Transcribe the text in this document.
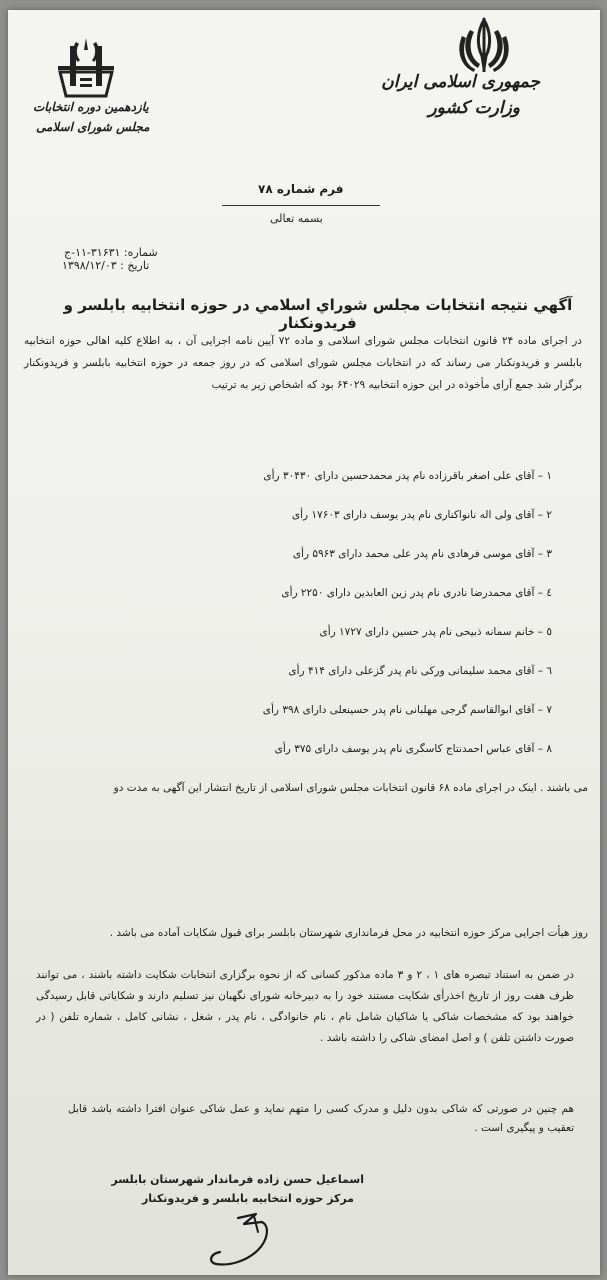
جمهوری اسلامی ایران
وزارت کشور
یازدهمین دوره انتخابات
مجلس شورای اسلامی
فرم شماره ۷۸
بسمه تعالی
شماره: ۳۱۶۳۱-۱۱-ج
تاریخ : ۱۳۹۸/۱۲/۰۳
آگهي نتيجه انتخابات مجلس شوراي اسلامي در حوزه انتخابيه بابلسر و فريدونكنار
در اجرای ماده ۲۴ قانون انتخابات مجلس شورای اسلامی و ماده ۷۲ آیین نامه اجرایی آن ، به اطلاع کلیه اهالی حوزه انتخابیه بابلسر و فریدونکنار می رساند که در انتخابات مجلس شورای اسلامی که در روز جمعه در حوزه انتخابیه بابلسر و فریدونکنار برگزار شد جمع آرای مأخوذه در این حوزه انتخابیه ۶۴۰۲۹ بود که اشخاص زیر به ترتیب
۱ – آقای علی اصغر باقرزاده نام پدر محمدحسین دارای ۳۰۴۳۰ رأی
۲ – آقای ولی اله نانواکناری نام پدر یوسف دارای ۱۷۶۰۳ رأی
۳ – آقای موسی فرهادی نام پدر علی محمد دارای ۵۹۶۳ رأی
٤ – آقای محمدرضا نادری نام پدر زین العابدین دارای ۲۲۵۰ رأی
٥ – خانم سمانه ذبیحی نام پدر حسین دارای ۱۷۲۷ رأی
٦ – آقای محمد سلیمانی ورکی نام پدر گزعلی دارای ۴۱۴ رأی
۷ – آقای ابوالقاسم گرجی مهلبانی نام پدر حسینعلی دارای ۳۹۸ رأی
۸ – آقای عباس احمدنتاج کاسگری نام پدر یوسف دارای ۳۷۵ رأی
می باشند . اینک در اجرای ماده ۶۸ قانون انتخابات مجلس شورای اسلامی از تاریخ انتشار این آگهی به مدت دو
روز هیأت اجرایی مرکز حوزه انتخابیه در محل فرمانداری شهرستان بابلسر برای قبول شکایات آماده می باشد .
در ضمن به استناد تبصره های ۱ ، ۲ و ۳ ماده مذکور کسانی که از نحوه برگزاری انتخابات شکایت داشته باشند ، می توانند ظرف هفت روز از تاریخ اخذرأی شکایت مستند خود را به دبیرخانه شورای نگهبان نیز تسلیم دارند و شکایاتی قابل رسیدگی خواهند بود که مشخصات شاکی یا شاکیان شامل نام ، نام خانوادگی ، نام پدر ، شغل ، نشانی کامل ، شماره تلفن ( در صورت داشتن تلفن ) و اصل امضای شاکی را داشته باشد .
هم چنین در صورتی که شاکی بدون دلیل و مدرک کسی را متهم نماید و عمل شاکی عنوان افترا داشته باشد قابل تعقیب و پیگیری است .
اسماعیل حسن زاده فرماندار شهرستان بابلسر
مرکز حوزه انتخابیه بابلسر و فریدونکنار
